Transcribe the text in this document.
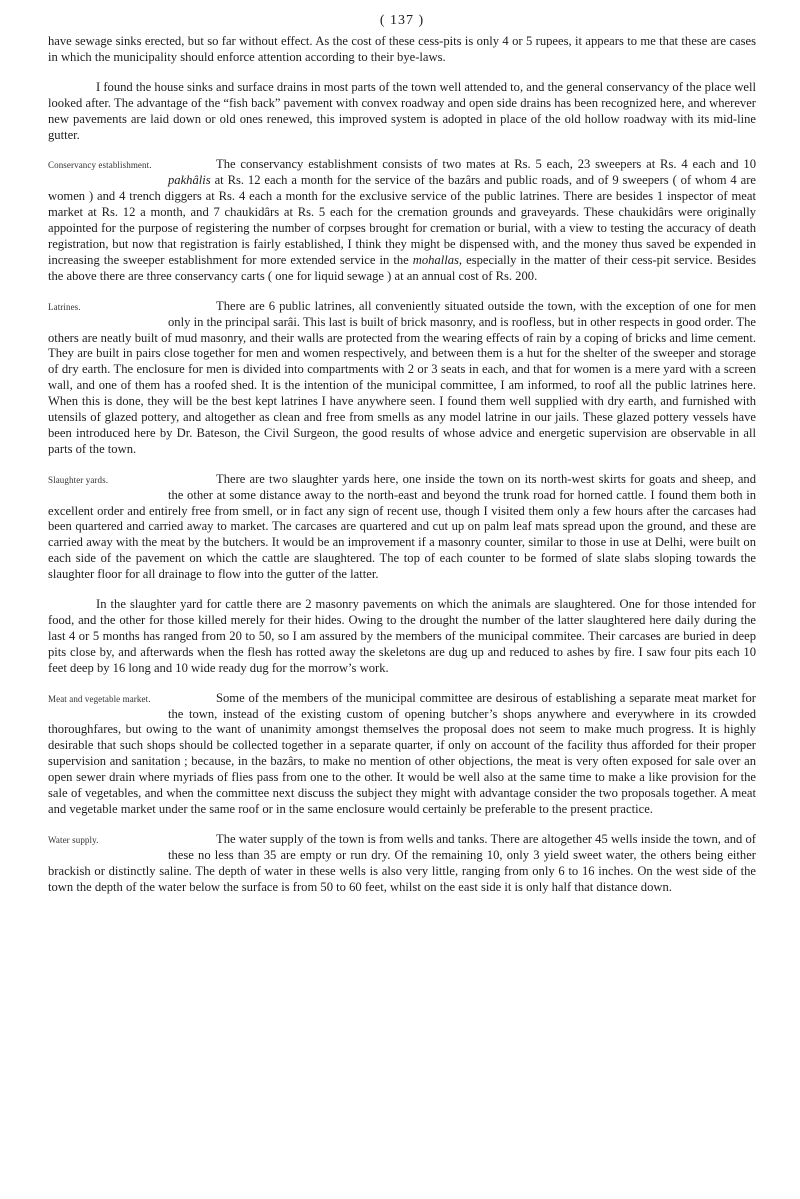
( 137 )

have sewage sinks erected, but so far without effect. As the cost of these cess-pits is only 4 or 5 rupees, it appears to me that these are cases in which the municipality should enforce attention according to their bye-laws.

I found the house sinks and surface drains in most parts of the town well attended to, and the general conservancy of the place well looked after. The advantage of the “fish back” pavement with convex roadway and open side drains has been recognized here, and wherever new pavements are laid down or old ones renewed, this improved system is adopted in place of the old hollow roadway with its mid-line gutter.

Conservancy establishment.	The conservancy establishment consists of two mates at Rs. 5 each, 23 sweepers at Rs. 4 each and 10 pakhâlis at Rs. 12 each a month for the service of the bazârs and public roads, and of 9 sweepers ( of whom 4 are women ) and 4 trench diggers at Rs. 4 each a month for the exclusive service of the public latrines. There are besides 1 inspector of meat market at Rs. 12 a month, and 7 chaukidârs at Rs. 5 each for the cremation grounds and graveyards. These chaukidârs were originally appointed for the purpose of registering the number of corpses brought for cremation or burial, with a view to testing the accuracy of death registration, but now that registration is fairly established, I think they might be dispensed with, and the money thus saved be expended in increasing the sweeper establishment for more extended service in the mohallas, especially in the matter of their cess-pit service. Besides the above there are three conservancy carts ( one for liquid sewage ) at an annual cost of Rs. 200.

Latrines.	There are 6 public latrines, all conveniently situated outside the town, with the exception of one for men only in the principal sarâi. This last is built of brick masonry, and is roofless, but in other respects in good order. The others are neatly built of mud masonry, and their walls are protected from the wearing effects of rain by a coping of bricks and lime cement. They are built in pairs close together for men and women respectively, and between them is a hut for the shelter of the sweeper and storage of dry earth. The enclosure for men is divided into compartments with 2 or 3 seats in each, and that for women is a mere yard with a screen wall, and one of them has a roofed shed. It is the intention of the municipal committee, I am informed, to roof all the public latrines here. When this is done, they will be the best kept latrines I have anywhere seen. I found them well supplied with dry earth, and furnished with utensils of glazed pottery, and altogether as clean and free from smells as any model latrine in our jails. These glazed pottery vessels have been introduced here by Dr. Bateson, the Civil Surgeon, the good results of whose advice and energetic supervision are observable in all parts of the town.

Slaughter yards.	There are two slaughter yards here, one inside the town on its north-west skirts for goats and sheep, and the other at some distance away to the north-east and beyond the trunk road for horned cattle. I found them both in excellent order and entirely free from smell, or in fact any sign of recent use, though I visited them only a few hours after the carcases had been quartered and carried away to market. The carcases are quartered and cut up on palm leaf mats spread upon the ground, and these are carried away with the meat by the butchers. It would be an improvement if a masonry counter, similar to those in use at Delhi, were built on each side of the pavement on which the cattle are slaughtered. The top of each counter to be formed of slate slabs sloping towards the slaughter floor for all drainage to flow into the gutter of the latter.

In the slaughter yard for cattle there are 2 masonry pavements on which the animals are slaughtered. One for those intended for food, and the other for those killed merely for their hides. Owing to the drought the number of the latter slaughtered here daily during the last 4 or 5 months has ranged from 20 to 50, so I am assured by the members of the municipal commitee. Their carcases are buried in deep pits close by, and afterwards when the flesh has rotted away the skeletons are dug up and reduced to ashes by fire. I saw four pits each 10 feet deep by 16 long and 10 wide ready dug for the morrow’s work.

Meat and vegetable market.	Some of the members of the municipal committee are desirous of establishing a separate meat market for the town, instead of the existing custom of opening butcher’s shops anywhere and everywhere in its crowded thoroughfares, but owing to the want of unanimity amongst themselves the proposal does not seem to make much progress. It is highly desirable that such shops should be collected together in a separate quarter, if only on account of the facility thus afforded for their proper supervision and sanitation ; because, in the bazârs, to make no mention of other objections, the meat is very often exposed for sale over an open sewer drain where myriads of flies pass from one to the other. It would be well also at the same time to make a like provision for the sale of vegetables, and when the committee next discuss the subject they might with advantage consider the two proposals together. A meat and vegetable market under the same roof or in the same enclosure would certainly be preferable to the present practice.

Water supply.	The water supply of the town is from wells and tanks. There are altogether 45 wells inside the town, and of these no less than 35 are empty or run dry. Of the remaining 10, only 3 yield sweet water, the others being either brackish or distinctly saline. The depth of water in these wells is also very little, ranging from only 6 to 16 inches. On the west side of the town the depth of the water below the surface is from 50 to 60 feet, whilst on the east side it is only half that distance down.
